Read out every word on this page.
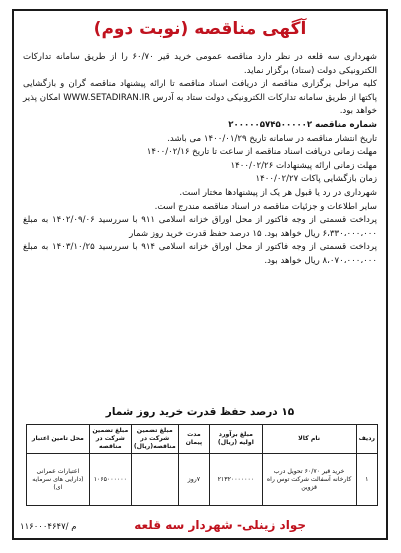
آگهی مناقصه (نوبت دوم)

شهرداری سه قلعه در نظر دارد مناقصه عمومی خرید قیر ۶۰/۷۰ را از طریق سامانه تدارکات الکترونیکی دولت (ستاد) برگزار نماید.

کلیه مراحل برگزاری مناقصه از دریافت اسناد مناقصه تا ارائه پیشنهاد مناقصه گران و بازگشایی پاکتها از طریق سامانه تدارکات الکترونیکی دولت ستاد به آدرس WWW.SETADIRAN.IR امکان پذیر خواهد بود.

شماره مناقصه ۲۰۰۰۰۰۵۷۴۵۰۰۰۰۰۲

تاریخ انتشار مناقصه در سامانه تاریخ ۱۴۰۰/۰۱/۲۹ می باشد.

مهلت زمانی دریافت اسناد مناقصه از ساعت تا تاریخ ۱۴۰۰/۰۲/۱۶

مهلت زمانی ارائه پیشنهادات ۱۴۰۰/۰۲/۲۶

زمان بازگشایی پاکات ۱۴۰۰/۰۲/۲۷

شهرداری در رد یا قبول هر یک از پیشنهادها مختار است.

سایر اطلاعات و جزئیات مناقصه در اسناد مناقصه مندرج است.

پرداخت قسمتی از وجه فاکتور از محل اوراق خزانه اسلامی ۹۱۱ با سررسید ۱۴۰۲/۰۹/۰۶ به مبلغ ۶،۳۳۰،۰۰۰،۰۰۰ ریال خواهد بود. ۱۵ درصد حفظ قدرت خرید روز شمار

پرداخت قسمتی از وجه فاکتور از محل اوراق خزانه اسلامی ۹۱۴ با سررسید ۱۴۰۳/۱۰/۲۵ به مبلغ ۸،۰۷۰،۰۰۰،۰۰۰ ریال خواهد بود.

۱۵ درصد حفظ قدرت خرید روز شمار
ردیف	نام کالا	مبلغ برآورد اولیه (ریال)	مدت پیمان	مبلغ تضمین شرکت در مناقصه(ریال)	مبلغ تضمین شرکت در مناقصه	محل تامین اعتبار
۱	خرید قیر ۶۰/۷۰ تحویل درب کارخانه آسفالت شرکت توس راه قزوین	۲۱۳۲۰۰۰۰۰۰۰	۷روز		۱۰۶۵۰۰۰۰۰۰	اعتبارات عمرانی (دارایی های سرمایه ای)
جواد زینلی- شهردار سه قلعه
۱۱۶۰۰۰۴۶۴۷/ م
